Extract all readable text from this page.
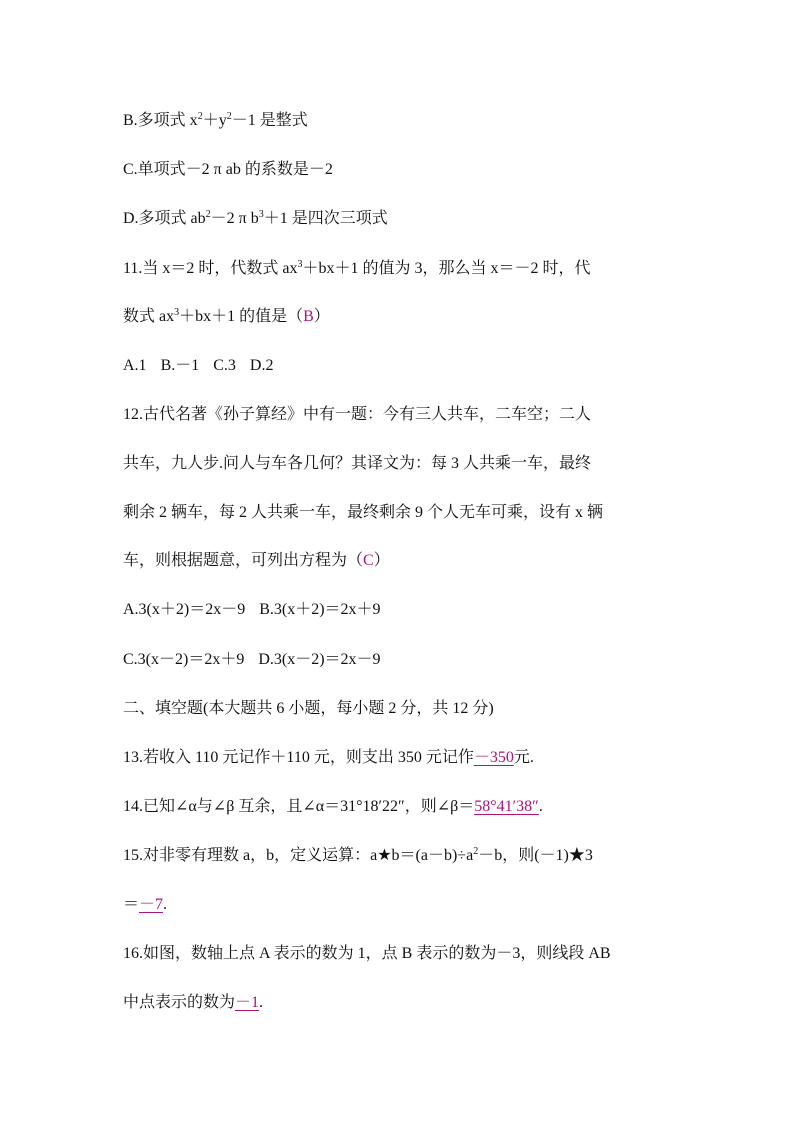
B.多项式 $x^2+y^2-1$ 是整式
C.单项式－2 π ab 的系数是－2
D.多项式 $ab^2-2$ π $b^3+1$ 是四次三项式
11.当 x＝2 时，代数式 $ax^3+bx+1$ 的值为 3，那么当 x＝－2 时，代
数式 $ax^3+bx+1$ 的值是（B）
A.1 B.－1 C.3 D.2
12.古代名著《孙子算经》中有一题：今有三人共车，二车空；二人
共车，九人步.问人与车各几何？其译文为：每 3 人共乘一车，最终
剩余 2 辆车，每 2 人共乘一车，最终剩余 9 个人无车可乘，设有 x 辆
车，则根据题意，可列出方程为（C）
A.3(x＋2)＝2x－9 B.3(x＋2)＝2x＋9
C.3(x－2)＝2x＋9 D.3(x－2)＝2x－9
二、填空题(本大题共 6 小题，每小题 2 分，共 12 分)
13.若收入 110 元记作＋110 元，则支出 350 元记作－350元.
14.已知∠α与∠β 互余，且∠α＝31°18′22″，则∠β＝58°41′38″.
15.对非零有理数 a，b，定义运算：$a★b=(a-b)\div a^2-b$，则(－1)★3
＝－7.
16.如图，数轴上点 A 表示的数为 1，点 B 表示的数为－3，则线段 AB
中点表示的数为－1.
